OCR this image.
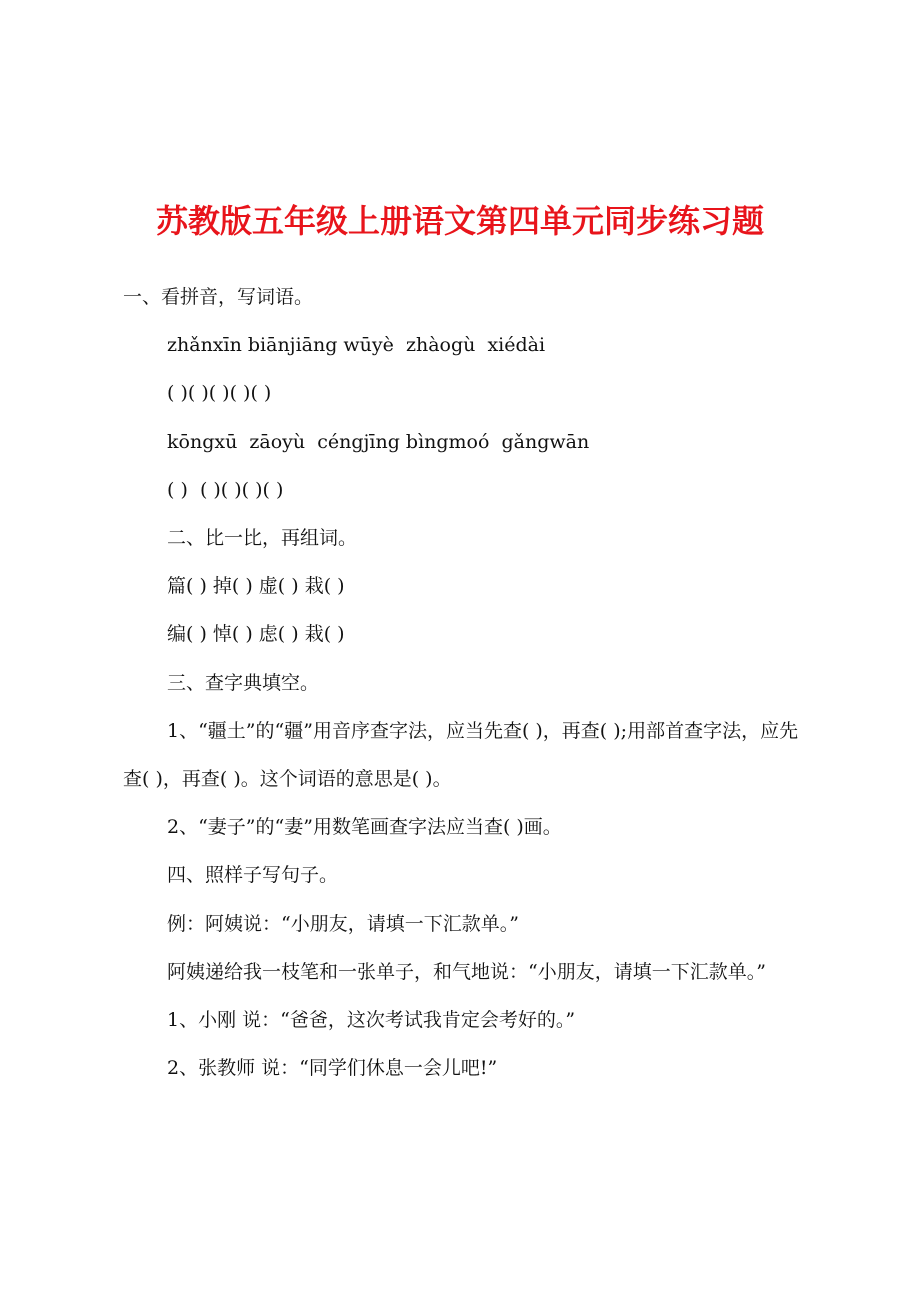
苏教版五年级上册语文第四单元同步练习题

一、看拼音，写词语。

zhǎnxīn biānjiāng wūyè  zhàogù  xiédài

( )( )( )( )( )

kōngxū  zāoyù  céngjīng bìngmoó  gǎngwān

( )  ( )( )( )( )

二、比一比，再组词。

篇( ) 掉( ) 虚( ) 栽( )

编( ) 悼( ) 虑( ) 栽( )

三、查字典填空。

1、“疆土”的“疆”用音序查字法，应当先查( )，再查( );用部首查字法，应先查( )，再查( )。这个词语的意思是( )。

2、“妻子”的“妻”用数笔画查字法应当查( )画。

四、照样子写句子。

例：阿姨说：“小朋友，请填一下汇款单。”

阿姨递给我一枝笔和一张单子，和气地说：“小朋友，请填一下汇款单。”

1、小刚 说：“爸爸，这次考试我肯定会考好的。”

2、张教师 说：“同学们休息一会儿吧!”
